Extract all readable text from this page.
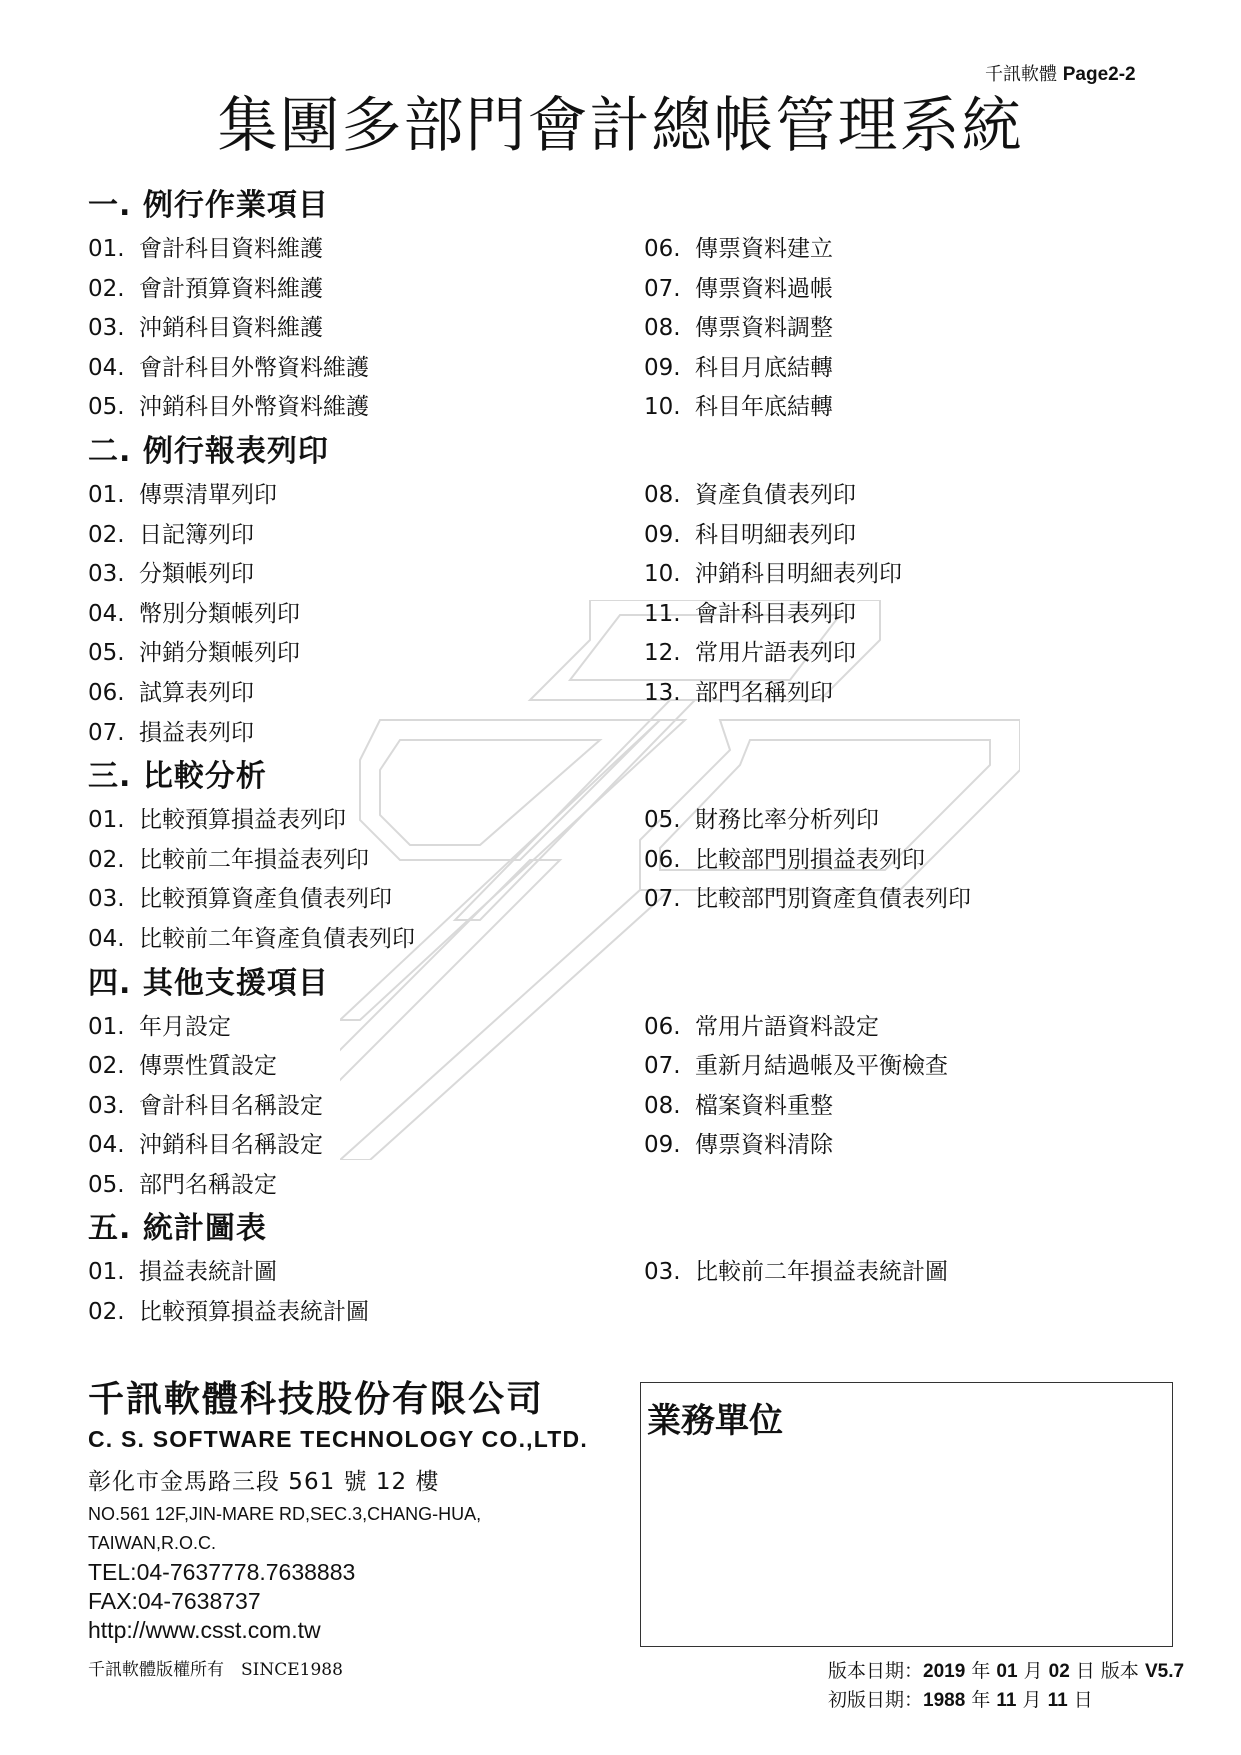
千訊軟體 Page2-2
集團多部門會計總帳管理系統
一. 例行作業項目
01. 會計科目資料維護
02. 會計預算資料維護
03. 沖銷科目資料維護
04. 會計科目外幣資料維護
05. 沖銷科目外幣資料維護
06. 傳票資料建立
07. 傳票資料過帳
08. 傳票資料調整
09. 科目月底結轉
10. 科目年底結轉
二. 例行報表列印
01. 傳票清單列印
02. 日記簿列印
03. 分類帳列印
04. 幣別分類帳列印
05. 沖銷分類帳列印
06. 試算表列印
07. 損益表列印
08. 資產負債表列印
09. 科目明細表列印
10. 沖銷科目明細表列印
11. 會計科目表列印
12. 常用片語表列印
13. 部門名稱列印
三. 比較分析
01. 比較預算損益表列印
02. 比較前二年損益表列印
03. 比較預算資產負債表列印
04. 比較前二年資產負債表列印
05. 財務比率分析列印
06. 比較部門別損益表列印
07. 比較部門別資產負債表列印
四. 其他支援項目
01. 年月設定
02. 傳票性質設定
03. 會計科目名稱設定
04. 沖銷科目名稱設定
05. 部門名稱設定
06. 常用片語資料設定
07. 重新月結過帳及平衡檢查
08. 檔案資料重整
09. 傳票資料清除
五. 統計圖表
01. 損益表統計圖
02. 比較預算損益表統計圖
03. 比較前二年損益表統計圖
千訊軟體科技股份有限公司
C. S. SOFTWARE TECHNOLOGY CO.,LTD.
彰化市金馬路三段 561 號 12 樓
NO.561 12F,JIN-MARE RD,SEC.3,CHANG-HUA,
TAIWAN,R.O.C.
TEL:04-7637778.7638883
FAX:04-7638737
http://www.csst.com.tw
千訊軟體版權所有　SINCE1988
業務單位
版本日期：2019 年 01 月 02 日 版本 V5.7
初版日期：1988 年 11 月 11 日
